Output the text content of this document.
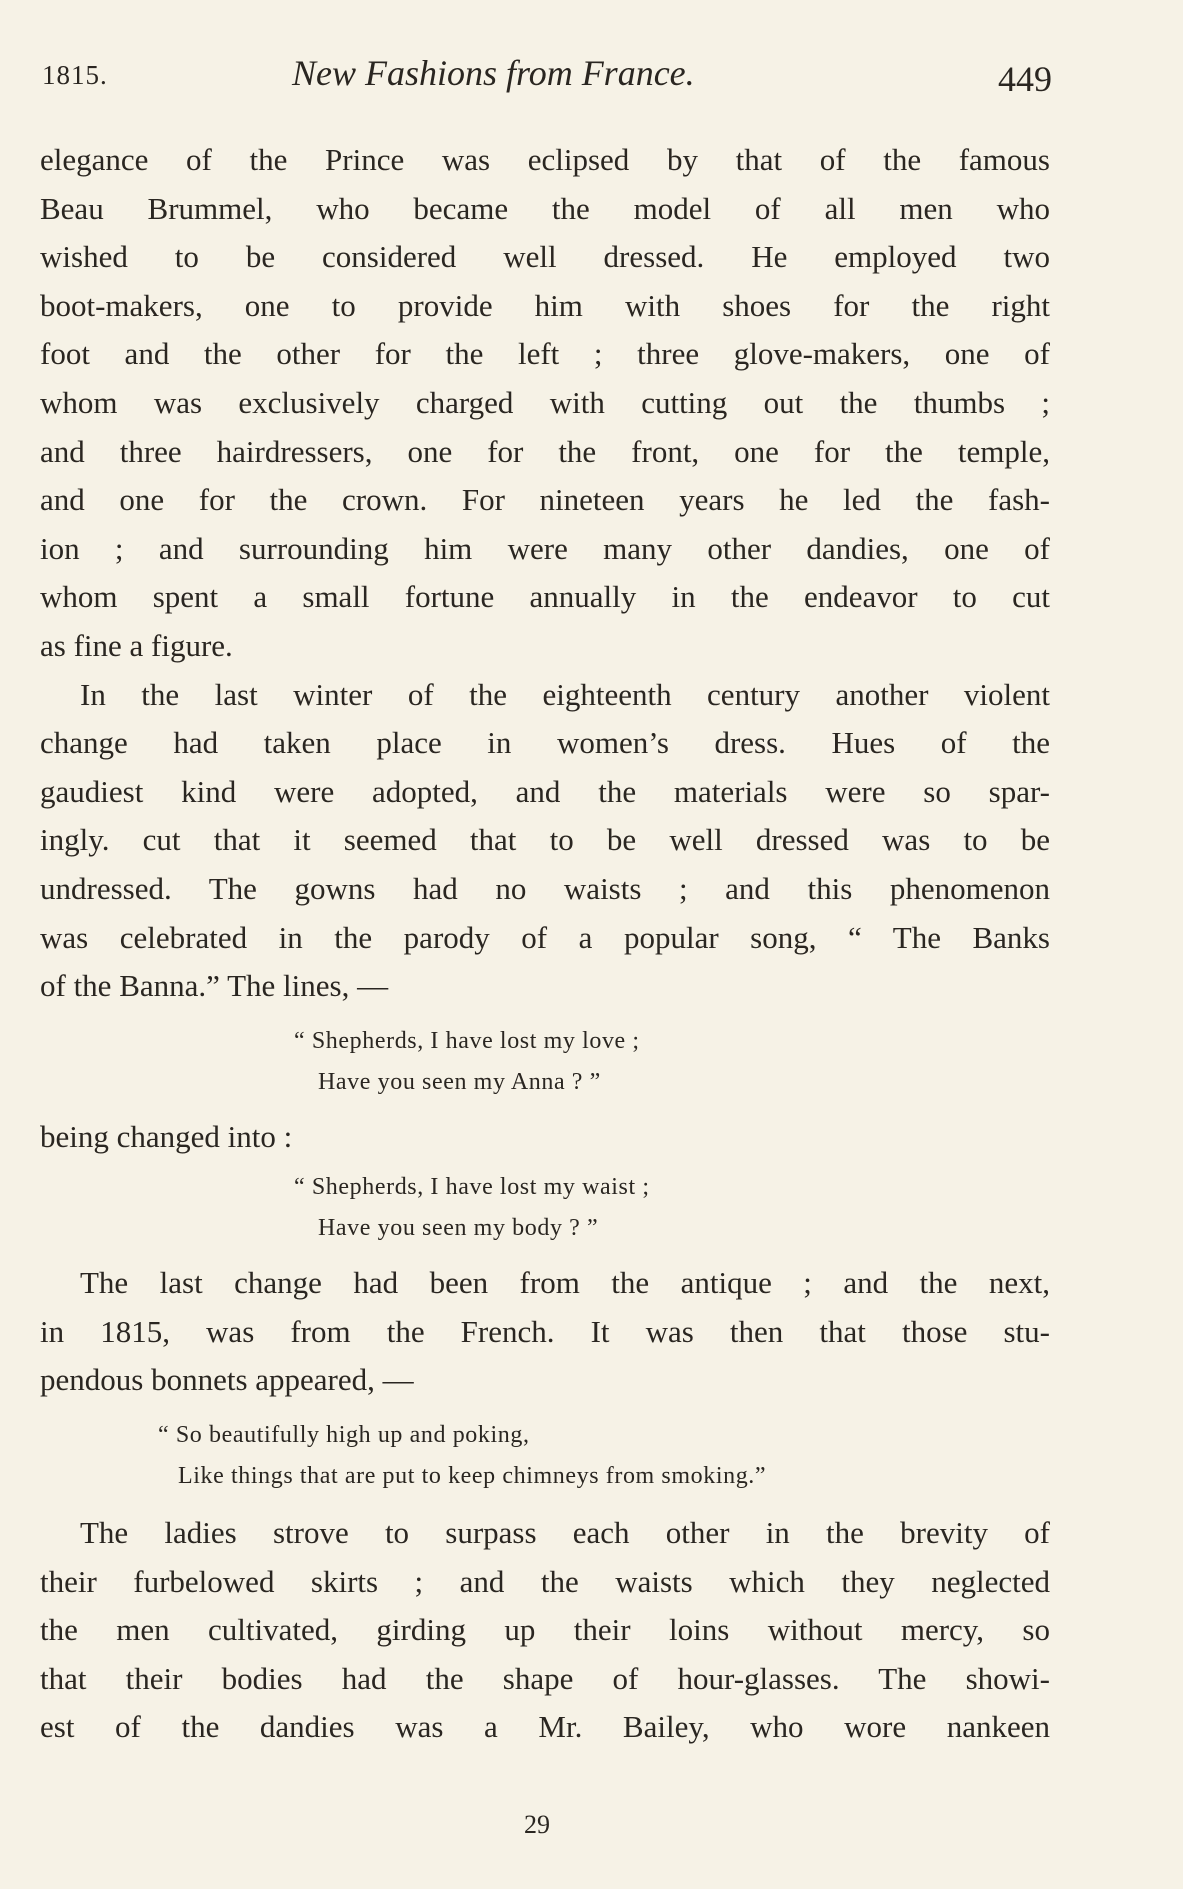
1815.	New Fashions from France.	449

elegance of the Prince was eclipsed by that of the famous
Beau Brummel, who became the model of all men who
wished to be considered well dressed. He employed two
boot-makers, one to provide him with shoes for the right
foot and the other for the left ; three glove-makers, one of
whom was exclusively charged with cutting out the thumbs ;
and three hairdressers, one for the front, one for the temple,
and one for the crown. For nineteen years he led the fash-
ion ; and surrounding him were many other dandies, one of
whom spent a small fortune annually in the endeavor to cut
as fine a figure.

In the last winter of the eighteenth century another violent
change had taken place in women’s dress. Hues of the
gaudiest kind were adopted, and the materials were so spar-
ingly. cut that it seemed that to be well dressed was to be
undressed. The gowns had no waists ; and this phenomenon
was celebrated in the parody of a popular song, “ The Banks
of the Banna.” The lines, —

“ Shepherds, I have lost my love ;
Have you seen my Anna ? ”

being changed into :

“ Shepherds, I have lost my waist ;
Have you seen my body ? ”

The last change had been from the antique ; and the next,
in 1815, was from the French. It was then that those stu-
pendous bonnets appeared, —

“ So beautifully high up and poking,
Like things that are put to keep chimneys from smoking.”

The ladies strove to surpass each other in the brevity of
their furbelowed skirts ; and the waists which they neglected
the men cultivated, girding up their loins without mercy, so
that their bodies had the shape of hour-glasses. The showi-
est of the dandies was a Mr. Bailey, who wore nankeen

29
